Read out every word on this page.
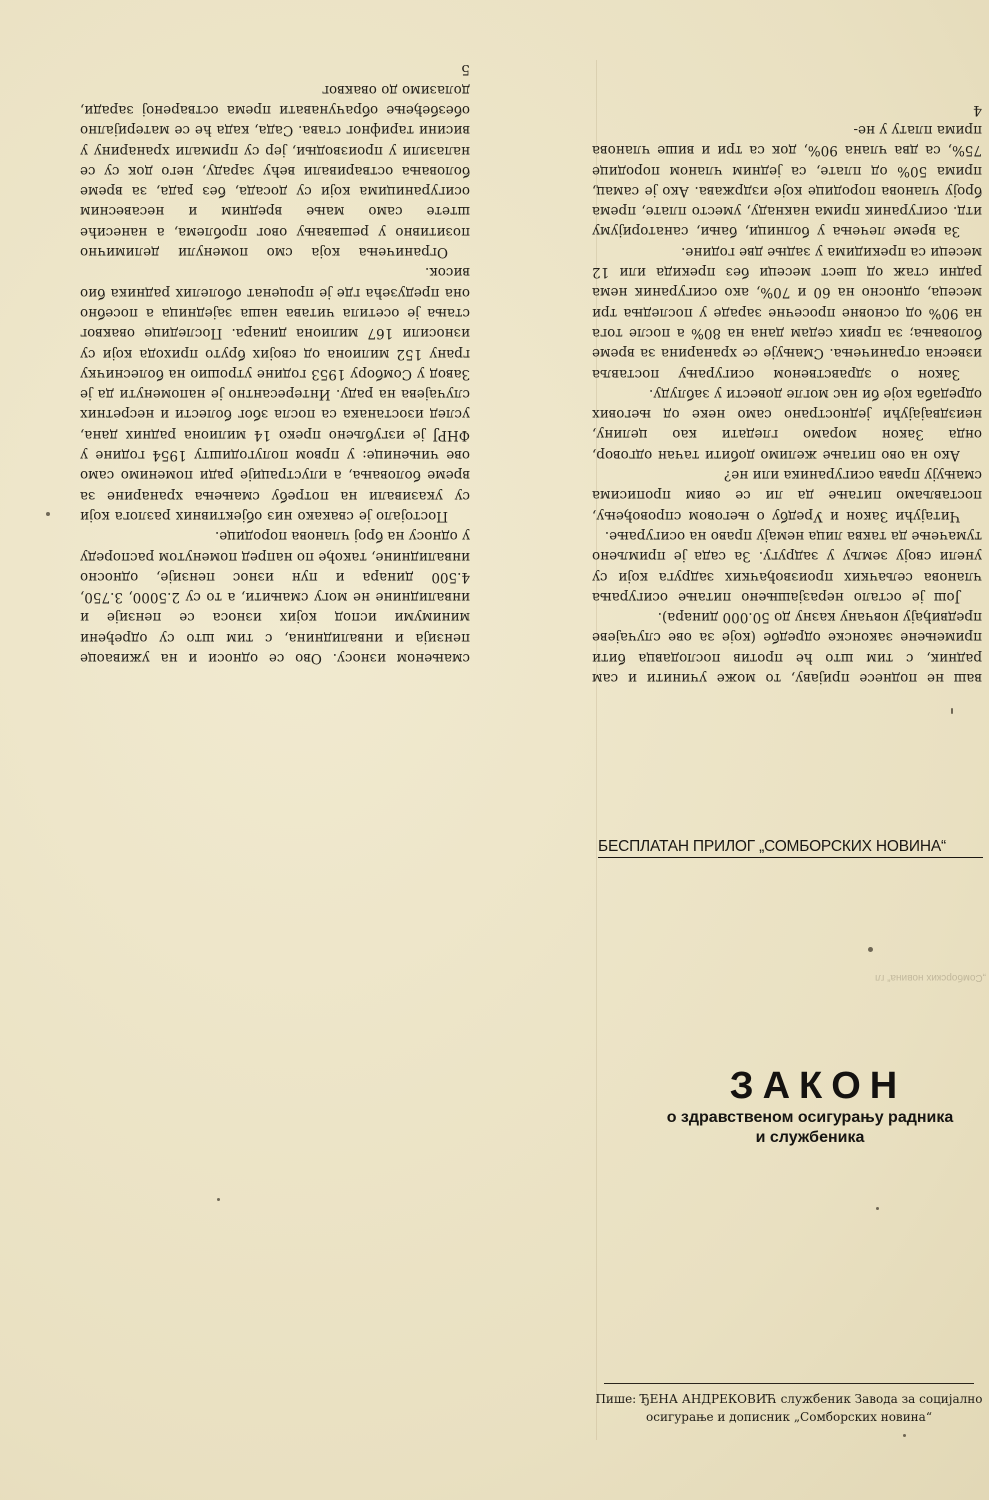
ваш не поднесе пријаву, то може учинити и сам радник, с тим што ће против послодавца бити примењене законске одредбе (које за ове случајеве предвиђају новчану казну до 50.000 динара).

Још је остало неразјашњено питање осигурања чланова сељачких произвођачких задруга који су унели своју земљу у задругу. За сада је примљено тумачење да таква лица немају право на осигурање.

Читајући Закон и Уредбу о његовом спровођењу, постављамо питање да ли се овим прописима смањују права осигураника или не?

Ако на ово питање желимо добити тачан одговор, онда Закон морамо гледати као целину, неиздвајајући једнострано само неке од његових одредаба које би нас могле довести у заблуду.

Закон о здравственом осигурању поставља извесна ограничења. Смањује се хранарина за време боловања; за првих седам дана на 80% а после тога на 90% од основне просечне зараде у последња три месеца, односно на 60 и 70%, ако осигураник нема радни стаж од шест месеци без прекида или 12 месеци са прекидима у задње две године.

За време лечења у болници, бањи, санаторијуму итд. осигураник прима накнаду, уместо плате, према броју чланова породице које издржава. Ако је самац, прима 50% од плате, са једним чланом породице 75%, са два члана 90%, док са три и више чланова прима плату у не-

4

смањеном износу. Ово се односи и на уживаоце пензија и инвалиднина, с тим што су одређени минимуми испод којих износа се пензије и инвалиднине не могу смањити, а то су 2.5000, 3.750, 4.500 динара и пун износ пензије, односно инвалиднине, такође по напред поменутом распореду у односу на број чланова породице.

Постојало је свакако низ објективних разлога који су указивали на потребу смањења хранарине за време боловања, а илустрације ради поменимо само ове чињенице: у првом полугодишту 1954 године у ФНРЈ је изгубљено преко 14 милиона радних дана, услед изостанака са посла због болести и несретних случајева на раду. Интересантно је напоменути да је Завод у Сомбору 1953 године утрошио на болесничку грану 152 милиона од својих бруто прихода који су износили 167 милиона динара. Последице оваквог стања је осетила читава наша заједница а посебно она предузећа где је проценат оболелих радника био висок.

Ограничења која смо поменули делимично позитивно у решавању овог проблема, а нанесиће штете само мање вредним и несавесним осигураницима који су досада, без рада, за време боловања остваривали већу зараду, него док су се налазили у производњи, јер су примали хранарину у висини тарифног става. Сада, када ће се материјално обезбеђење обрачунавати према оствареној заради, долазимо до оваквог

5
БЕСПЛАТАН ПРИЛОГ „СОМБОРСКИХ НОВИНА“
„Сомборских новина“ гл
ЗАКОН
о здравственом осигурању радника
и службеника
Пише: ЂЕНА АНДРЕКОВИЋ службеник Завода за социјално
осигурање и дописник „Сомборских новина“
